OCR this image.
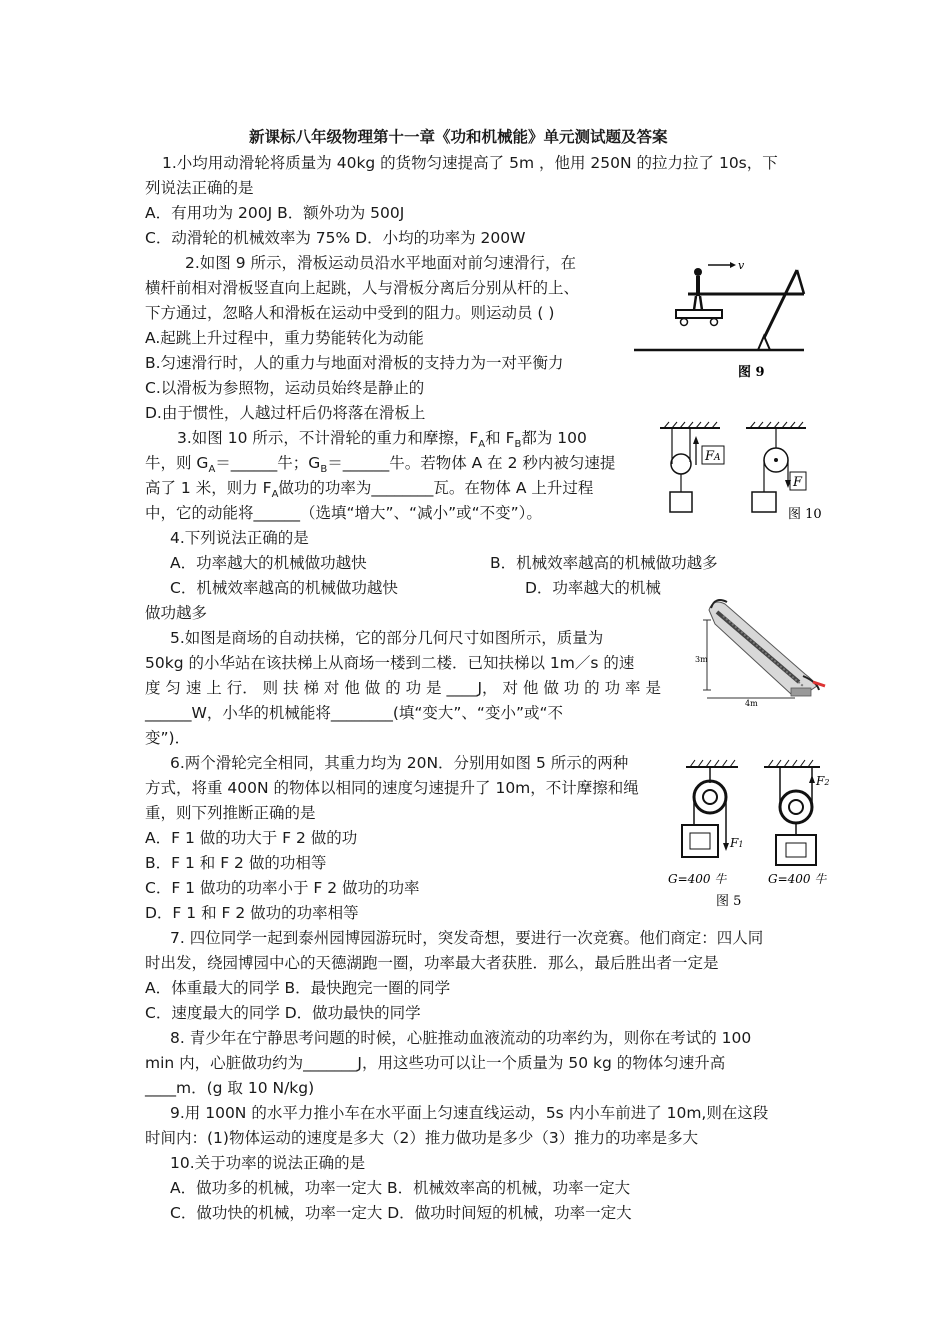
新课标八年级物理第十一章《功和机械能》单元测试题及答案
1.小均用动滑轮将质量为 40kg 的货物匀速提高了 5m ，他用 250N 的拉力拉了 10s，下
列说法正确的是
A．有用功为 200J B．额外功为 500J
C．动滑轮的机械效率为 75% D．小均的功率为 200W
2.如图 9 所示，滑板运动员沿水平地面对前匀速滑行，在
横杆前相对滑板竖直向上起跳，人与滑板分离后分别从杆的上、
下方通过，忽略人和滑板在运动中受到的阻力。则运动员 ( )
A.起跳上升过程中，重力势能转化为动能
B.匀速滑行时，人的重力与地面对滑板的支持力为一对平衡力
C.以滑板为参照物，运动员始终是静止的
D.由于惯性，人越过杆后仍将落在滑板上
v
图 9
3.如图 10 所示，不计滑轮的重力和摩擦，$F_A$和 $F_B$都为 100
牛，则 $G_A=\_\_\_\_\_\_$牛；$G_B=\_\_\_\_\_\_$牛。若物体 A 在 2 秒内被匀速提
高了 1 米，则力 $F_A$做功的功率为________瓦。在物体 A 上升过程
中，它的动能将______（选填“增大”、“减小”或“不变”）。
FA
F
图 10
4.下列说法正确的是
A．功率越大的机械做功越快	B．机械效率越高的机械做功越多
C．机械效率越高的机械做功越快	D．功率越大的机械
做功越多
3m
4m
5.如图是商场的自动扶梯，它的部分几何尺寸如图所示，质量为
50kg 的小华站在该扶梯上从商场一楼到二楼．已知扶梯以 1m／s 的速
度 匀 速 上 行． 则 扶 梯 对 他 做 的 功 是 ____J， 对 他 做 功 的 功 率 是
______W，小华的机械能将________(填“变大”、“变小”或“不
变”)．
6.两个滑轮完全相同，其重力均为 20N．分别用如图 5 所示的两种
方式，将重 400N 的物体以相同的速度匀速提升了 10m，不计摩擦和绳
重，则下列推断正确的是
A．F 1 做的功大于 F 2 做的功
B．F 1 和 F 2 做的功相等
C．F 1 做功的功率小于 F 2 做功的功率
D．F 1 和 F 2 做功的功率相等
F1
G=400 牛
F2
G=400 牛
图 5
7. 四位同学一起到泰州园博园游玩时，突发奇想，要进行一次竞赛。他们商定：四人同
时出发，绕园博园中心的天德湖跑一圈，功率最大者获胜．那么，最后胜出者一定是
A．体重最大的同学 B．最快跑完一圈的同学
C．速度最大的同学 D．做功最快的同学
8. 青少年在宁静思考问题的时候，心脏推动血液流动的功率约为，则你在考试的 100
min 内，心脏做功约为_______J，用这些功可以让一个质量为 50 kg 的物体匀速升高
____m．(g 取 10 N/kg)
9.用 100N 的水平力推小车在水平面上匀速直线运动，5s 内小车前进了 10m,则在这段
时间内：(1)物体运动的速度是多大（2）推力做功是多少（3）推力的功率是多大
10.关于功率的说法正确的是
A．做功多的机械，功率一定大 B．机械效率高的机械，功率一定大
C．做功快的机械，功率一定大 D．做功时间短的机械，功率一定大
